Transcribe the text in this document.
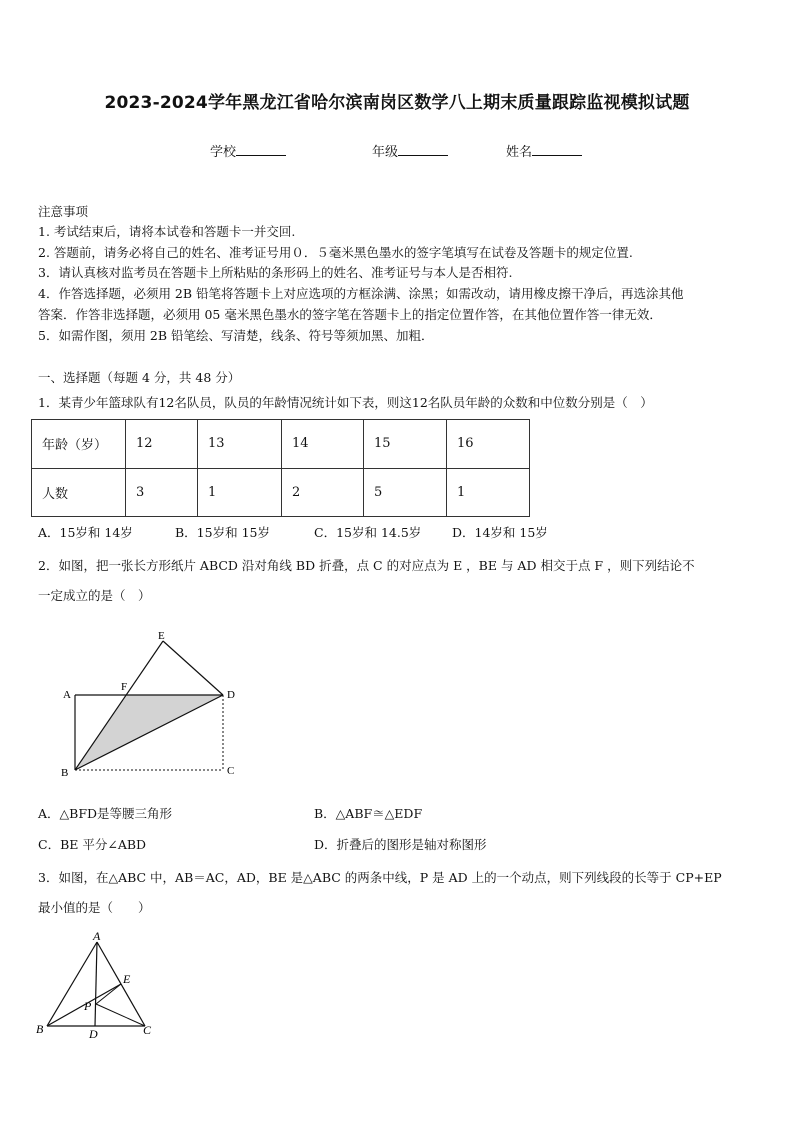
2023-2024学年黑龙江省哈尔滨南岗区数学八上期末质量跟踪监视模拟试题
学校	年级	姓名
注意事项
1. 考试结束后，请将本试卷和答题卡一并交回.
2. 答题前，请务必将自己的姓名、准考证号用０．５毫米黑色墨水的签字笔填写在试卷及答题卡的规定位置.
3．请认真核对监考员在答题卡上所粘贴的条形码上的姓名、准考证号与本人是否相符.
4．作答选择题，必须用 2B 铅笔将答题卡上对应选项的方框涂满、涂黑；如需改动，请用橡皮擦干净后，再选涂其他
答案．作答非选择题，必须用 05 毫米黑色墨水的签字笔在答题卡上的指定位置作答，在其他位置作答一律无效．
5．如需作图，须用 2B 铅笔绘、写清楚，线条、符号等须加黑、加粗．
一、选择题（每题 4 分，共 48 分）
1．某青少年篮球队有12名队员，队员的年龄情况统计如下表，则这12名队员年龄的众数和中位数分别是（　）
年龄（岁）	12	13	14	15	16
人数	3	1	2	5	1
A．15岁和 14岁	B．15岁和 15岁	C．15岁和 14.5岁 D．14岁和 15岁
2．如图，把一张长方形纸片 ABCD 沿对角线 BD 折叠，点 C 的对应点为 E ，BE 与 AD 相交于点 F ，则下列结论不
一定成立的是（　）
E
A
F
D
B	C
A．△BFD是等腰三角形	B．△ABF≅△EDF
C．BE 平分∠ABD	D．折叠后的图形是轴对称图形
3．如图，在△ABC 中，AB＝AC，AD，BE 是△ABC 的两条中线，P 是 AD 上的一个动点，则下列线段的长等于 CP+EP
最小值的是（　　）
A
E
P
B	D	C
